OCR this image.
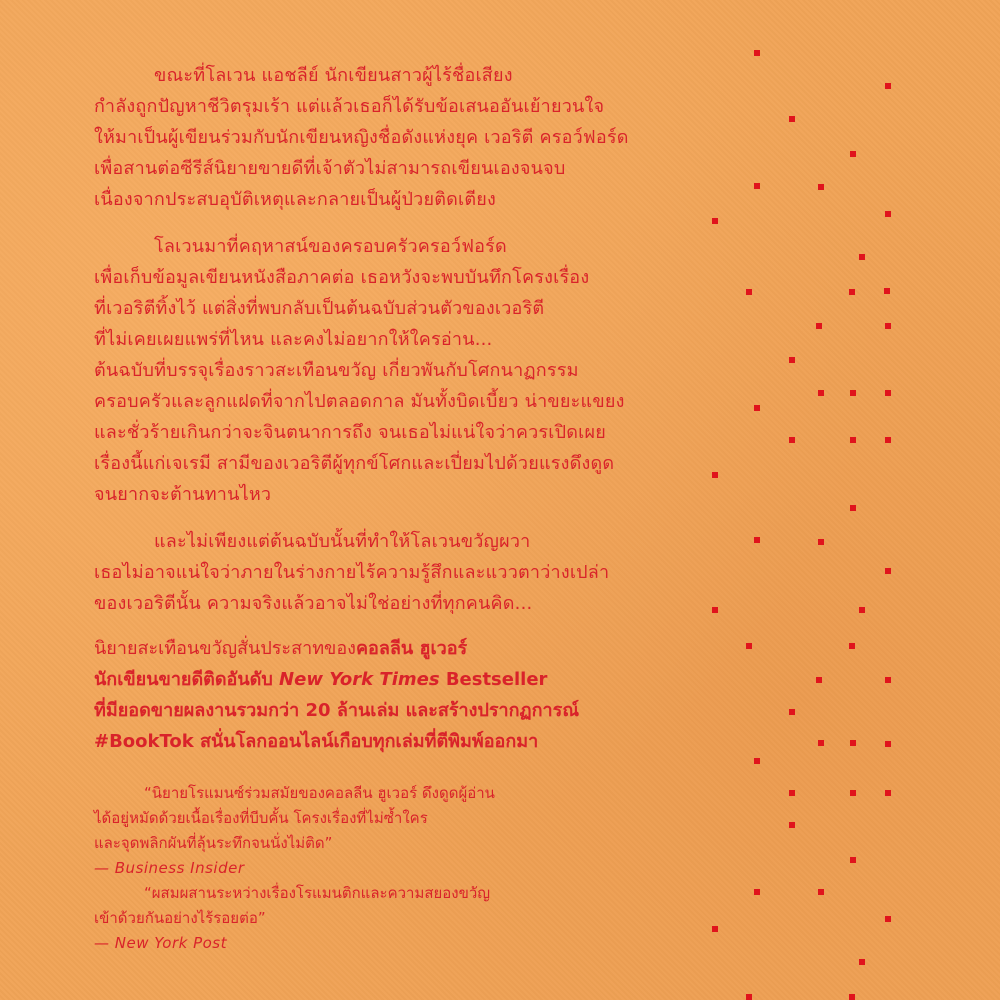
ขณะที่โลเวน แอชลีย์ นักเขียนสาวผู้ไร้ชื่อเสียง
กำลังถูกปัญหาชีวิตรุมเร้า แต่แล้วเธอก็ได้รับข้อเสนออันเย้ายวนใจ
ให้มาเป็นผู้เขียนร่วมกับนักเขียนหญิงชื่อดังแห่งยุค เวอริตี ครอว์ฟอร์ด
เพื่อสานต่อซีรีส์นิยายขายดีที่เจ้าตัวไม่สามารถเขียนเองจนจบ
เนื่องจากประสบอุบัติเหตุและกลายเป็นผู้ป่วยติดเตียง

โลเวนมาที่คฤหาสน์ของครอบครัวครอว์ฟอร์ด
เพื่อเก็บข้อมูลเขียนหนังสือภาคต่อ เธอหวังจะพบบันทึกโครงเรื่อง
ที่เวอริตีทิ้งไว้ แต่สิ่งที่พบกลับเป็นต้นฉบับส่วนตัวของเวอริตี
ที่ไม่เคยเผยแพร่ที่ไหน และคงไม่อยากให้ใครอ่าน...
ต้นฉบับที่บรรจุเรื่องราวสะเทือนขวัญ เกี่ยวพันกับโศกนาฏกรรม
ครอบครัวและลูกแฝดที่จากไปตลอดกาล มันทั้งบิดเบี้ยว น่าขยะแขยง
และชั่วร้ายเกินกว่าจะจินตนาการถึง จนเธอไม่แน่ใจว่าควรเปิดเผย
เรื่องนี้แก่เจเรมี สามีของเวอริตีผู้ทุกข์โศกและเปี่ยมไปด้วยแรงดึงดูด
จนยากจะต้านทานไหว

และไม่เพียงแต่ต้นฉบับนั้นที่ทำให้โลเวนขวัญผวา
เธอไม่อาจแน่ใจว่าภายในร่างกายไร้ความรู้สึกและแววตาว่างเปล่า
ของเวอริตีนั้น ความจริงแล้วอาจไม่ใช่อย่างที่ทุกคนคิด...

นิยายสะเทือนขวัญสั่นประสาทของคอลลีน ฮูเวอร์
นักเขียนขายดีติดอันดับ New York Times Bestseller
ที่มียอดขายผลงานรวมกว่า 20 ล้านเล่ม และสร้างปรากฏการณ์
#BookTok สนั่นโลกออนไลน์เกือบทุกเล่มที่ตีพิมพ์ออกมา
“นิยายโรแมนซ์ร่วมสมัยของคอลลีน ฮูเวอร์ ดึงดูดผู้อ่าน
ได้อยู่หมัดด้วยเนื้อเรื่องที่บีบคั้น โครงเรื่องที่ไม่ซ้ำใคร
และจุดพลิกผันที่ลุ้นระทึกจนนั่งไม่ติด”
— Business Insider
“ผสมผสานระหว่างเรื่องโรแมนติกและความสยองขวัญ
เข้าด้วยกันอย่างไร้รอยต่อ”
— New York Post
